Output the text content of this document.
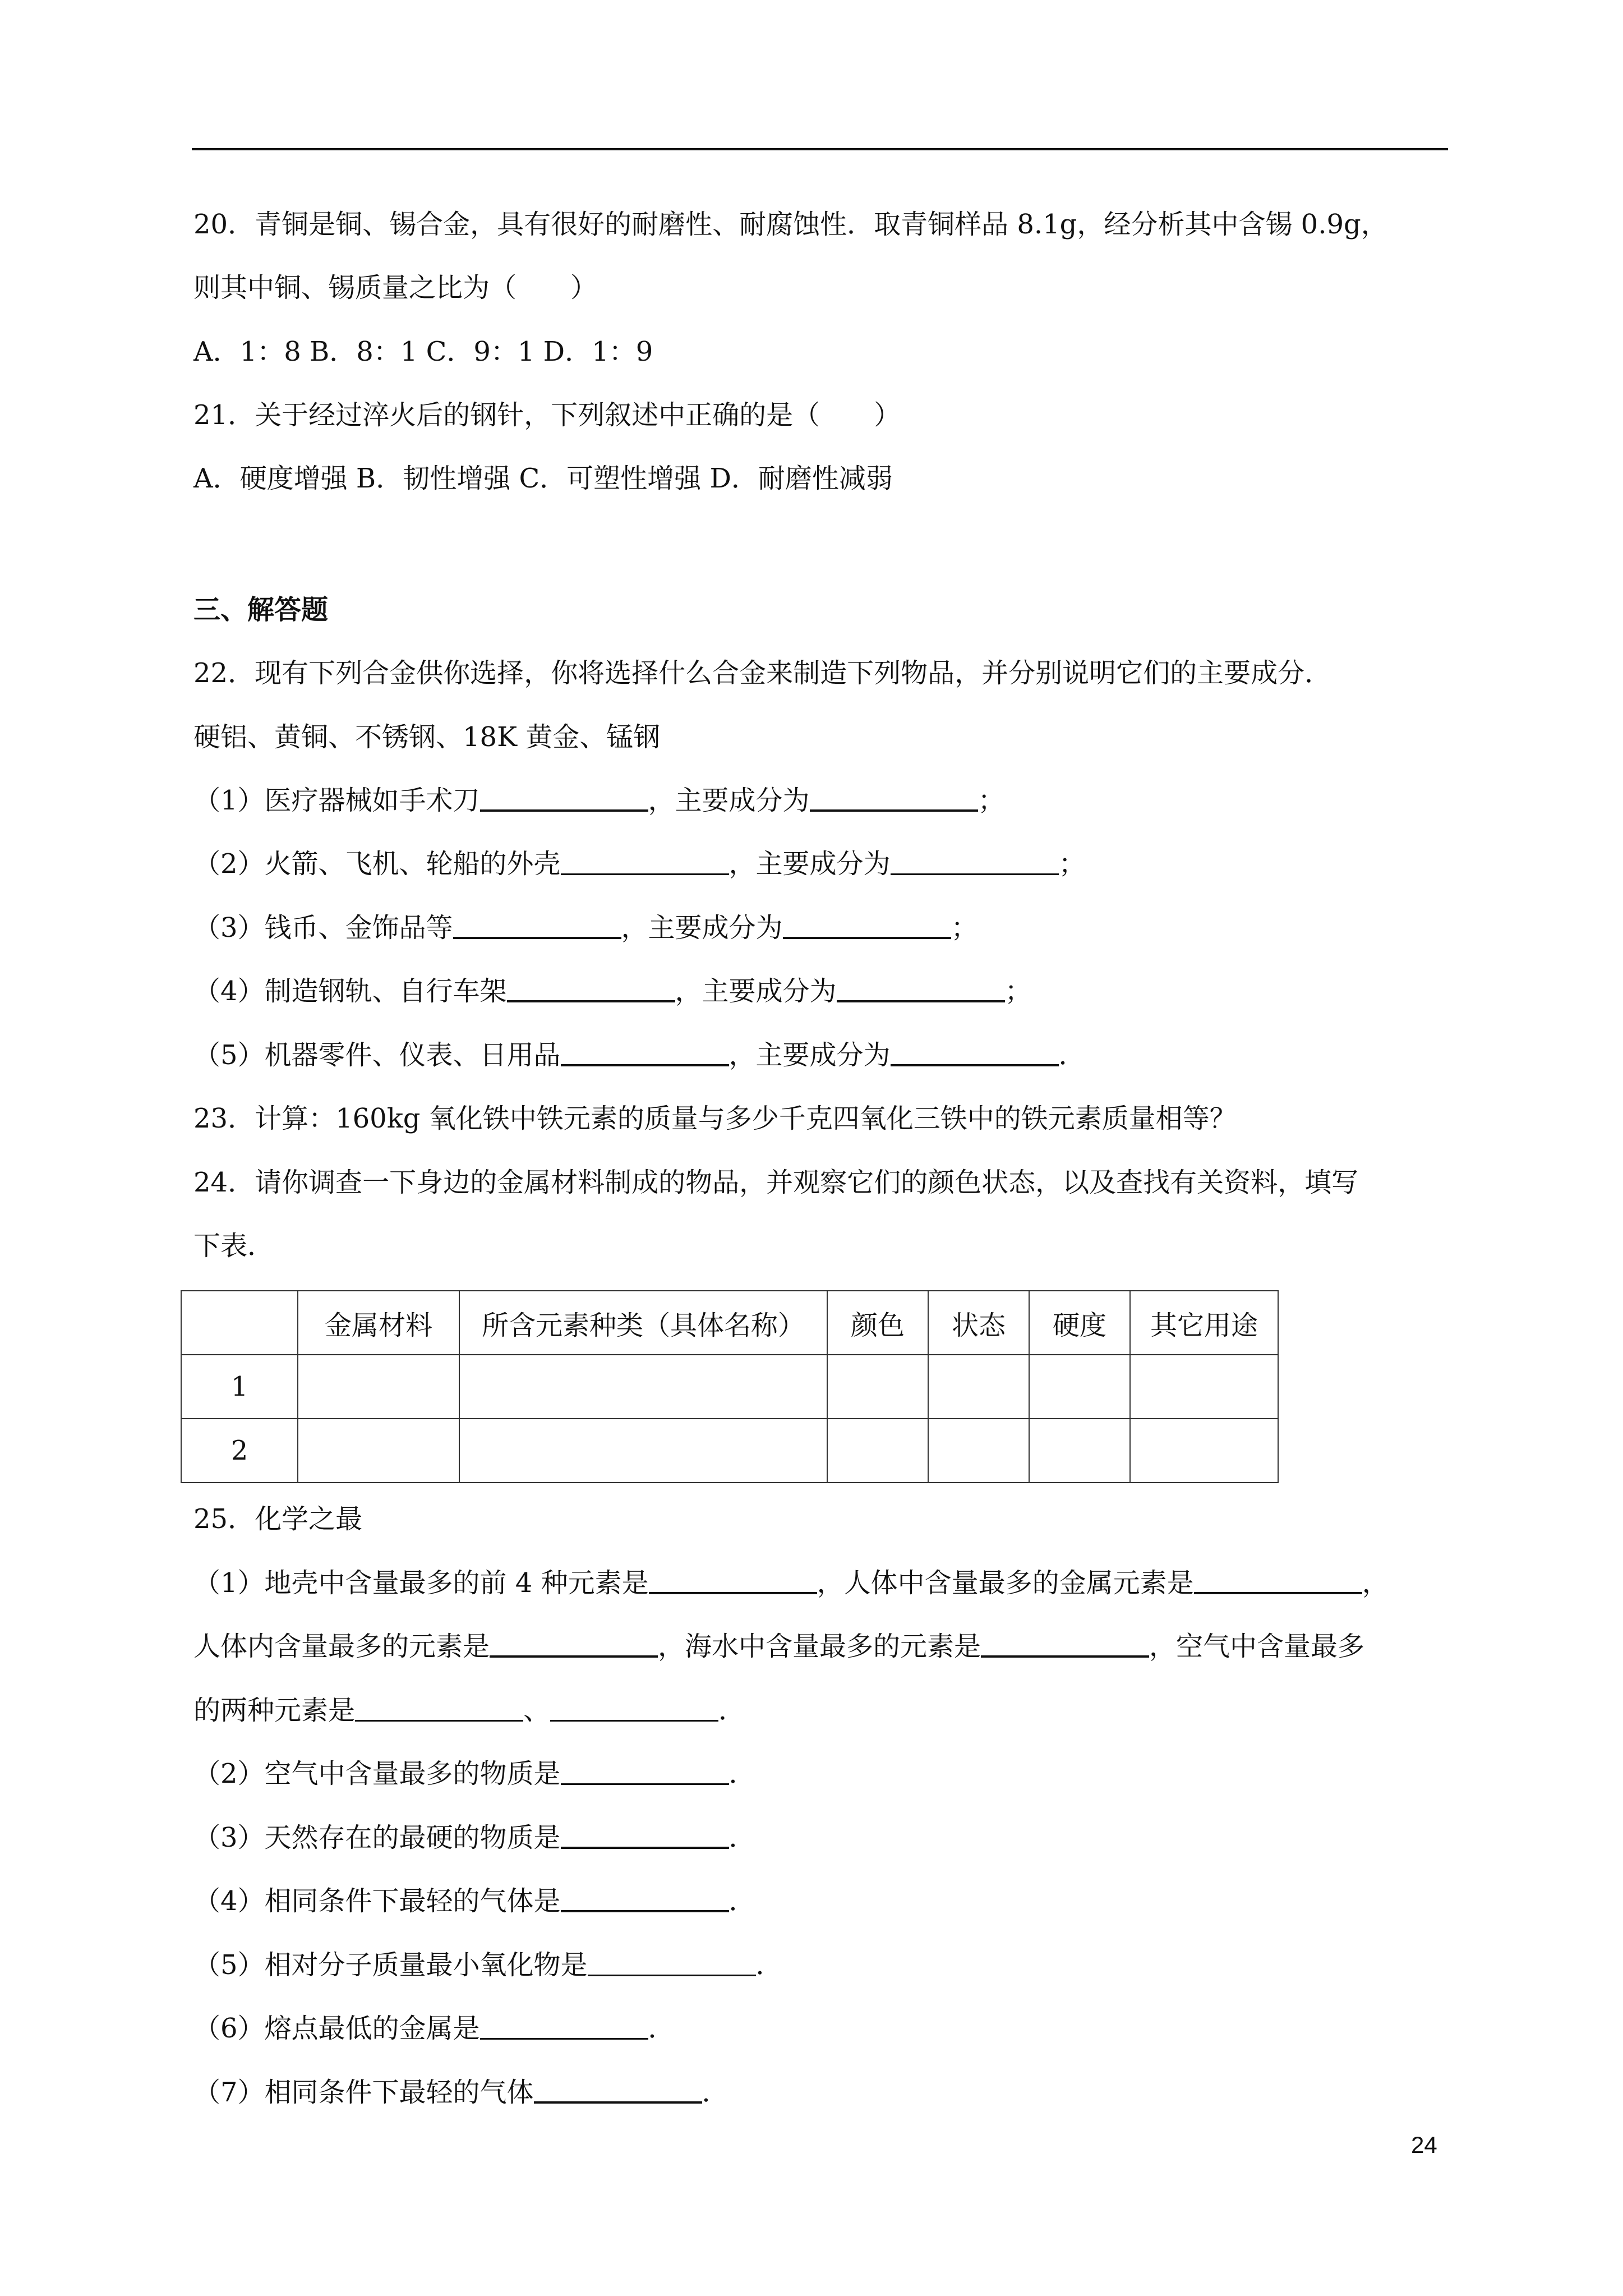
20．青铜是铜、锡合金，具有很好的耐磨性、耐腐蚀性．取青铜样品 8.1g，经分析其中含锡 0.9g，
则其中铜、锡质量之比为（　　）
A．1：8 B．8：1 C．9：1 D．1：9
21．关于经过淬火后的钢针，下列叙述中正确的是（　　）
A．硬度增强 B．韧性增强 C．可塑性增强 D．耐磨性减弱
三、解答题
22．现有下列合金供你选择，你将选择什么合金来制造下列物品，并分别说明它们的主要成分．
硬铝、黄铜、不锈钢、18K 黄金、锰钢
（1）医疗器械如手术刀	，主要成分为	；
（2）火箭、飞机、轮船的外壳	，主要成分为	；
（3）钱币、金饰品等	，主要成分为	；
（4）制造钢轨、自行车架	，主要成分为	；
（5）机器零件、仪表、日用品	，主要成分为	．
23．计算：160kg 氧化铁中铁元素的质量与多少千克四氧化三铁中的铁元素质量相等？
24．请你调查一下身边的金属材料制成的物品，并观察它们的颜色状态，以及查找有关资料，填写
下表．
	金属材料	所含元素种类（具体名称）	颜色	状态	硬度	其它用途
1						
2						
25．化学之最
（1）地壳中含量最多的前 4 种元素是	，人体中含量最多的金属元素是	，
人体内含量最多的元素是	，海水中含量最多的元素是	，空气中含量最多
的两种元素是	、	．
（2）空气中含量最多的物质是	．
（3）天然存在的最硬的物质是	．
（4）相同条件下最轻的气体是	．
（5）相对分子质量最小氧化物是	．
（6）熔点最低的金属是	．
（7）相同条件下最轻的气体	．
24
